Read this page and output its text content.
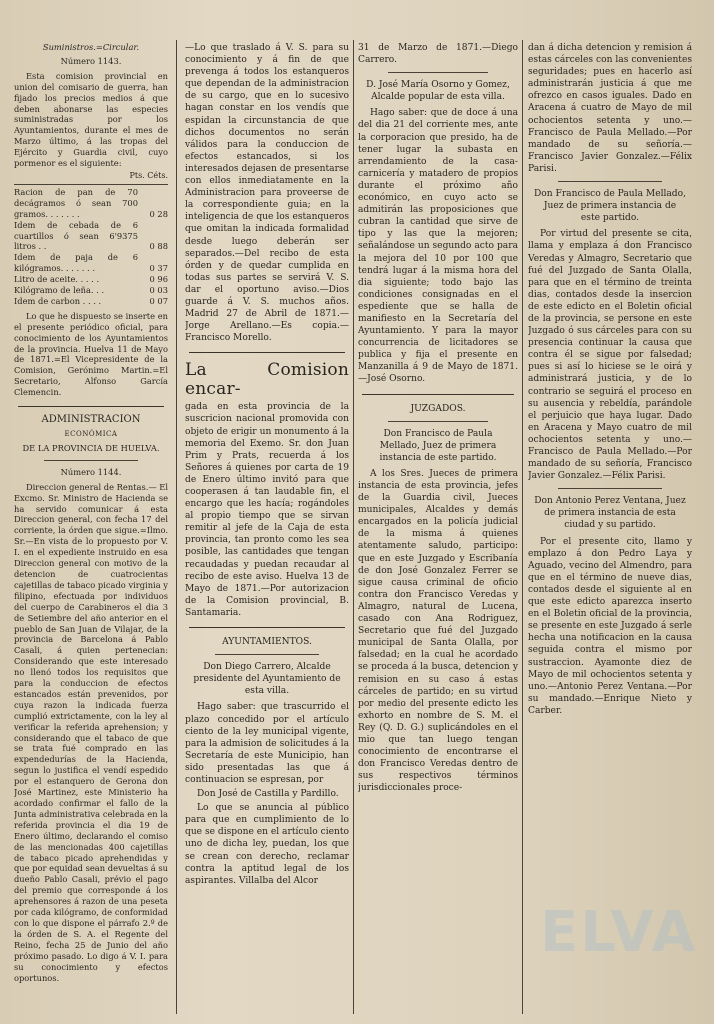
Suministros.=Circular.

Número 1143.

Esta comision provincial en union del comisario de guerra, han fijado los precios medios á que deben abonarse las especies suministradas por los Ayuntamientos, durante el mes de Marzo último, á las tropas del Ejército y Guardia civil, cuyo pormenor es el siguiente:

Pts. Céts.
Racion de pan de 70 decágramos ó sean 700 gramos. . . . . . .	0 28
Idem de cebada de 6 cuartillos ó sean 6'9375 litros . .	0 88
Idem de paja de 6 kilógramos. . . . . . .	0 37
Litro de aceite. . . . .	0 96
Kilógramo de leña. . .	0 03
Idem de carbon . . . .	0 07

Lo que he dispuesto se inserte en el presente periódico oficial, para conocimiento de los Ayuntamientos de la provincia. Huelva 11 de Mayo de 1871.=El Vicepresidente de la Comision, Gerónimo Martin.=El Secretario, Alfonso García Clemencin.

ADMINISTRACION

ECONÓMICA

DE LA PROVINCIA DE HUELVA.

Número 1144.

Direccion general de Rentas.— El Excmo. Sr. Ministro de Hacienda se ha servido comunicar á esta Direccion general, con fecha 17 del corriente, la órden que sigue.=Ilmo. Sr.—En vista de lo propuesto por V. I. en el expediente instruido en esa Direccion general con motivo de la detencion de cuatrocientas cajetillas de tabaco picado virginia y filipino, efectuada por individuos del cuerpo de Carabineros el dia 3 de Setiembre del año anterior en el pueblo de San Juan de Vilajar, de la provincia de Barcelona á Pablo Casali, á quien pertenecian: Considerando que este interesado no llenó todos los requisitos que para la conduccion de efectos estancados están prevenidos, por cuya razon la indicada fuerza cumplió extrictamente, con la ley al verificar la referida aprehension; y considerando que el tabaco de que se trata fué comprado en las expendedurías de la Hacienda, segun lo justifica el vendí espedido por el estanquero de Gerona don José Martinez, este Ministerio ha acordado confirmar el fallo de la Junta administrativa celebrada en la referida provincia el dia 19 de Enero último, declarando el comiso de las mencionadas 400 cajetillas de tabaco picado aprehendidas y que por equidad sean devueltas á su dueño Pablo Casali, prévio el pago del premio que corresponde á los aprehensores á razon de una peseta por cada kilógramo, de conformidad con lo que dispone el párrafo 2.º de la órden de S. A. el Regente del Reino, fecha 25 de Junio del año próximo pasado. Lo digo á V. I. para su conocimiento y efectos oportunos.

—Lo que traslado á V. S. para su conocimiento y á fin de que prevenga á todos los estanqueros que dependan de la administracion de su cargo, que en lo sucesivo hagan constar en los vendís que espidan la circunstancia de que dichos documentos no serán válidos para la conduccion de efectos estancados, si los interesados dejasen de presentarse con ellos inmediatamente en la Administracion para proveerse de la correspondiente guia; en la inteligencia de que los estanqueros que omitan la indicada formalidad desde luego deberán ser separados.—Del recibo de esta órden y de quedar cumplida en todas sus partes se servirá V. S. dar el oportuno aviso.—Dios guarde á V. S. muchos años. Madrid 27 de Abril de 1871.—Jorge Arellano.—Es copia.—Francisco Morello.

La Comision encar-

gada en esta provincia de la suscricion nacional promovida con objeto de erigir un monumento á la memoria del Exemo. Sr. don Juan Prim y Prats, recuerda á los Señores á quienes por carta de 19 de Enero último invitó para que cooperasen á tan laudable fin, el encargo que les hacía; rogándoles al propio tiempo que se sirvan remitir al jefe de la Caja de esta provincia, tan pronto como les sea posible, las cantidades que tengan recaudadas y puedan recaudar al recibo de este aviso. Huelva 13 de Mayo de 1871.—Por autorizacion de la Comision provincial, B. Santamaria.

AYUNTAMIENTOS.

Don Diego Carrero, Alcalde presidente del Ayuntamiento de esta villa.

Hago saber: que trascurrido el plazo concedido por el artículo ciento de la ley municipal vigente, para la admision de solicitudes á la Secretaría de este Municipio, han sido presentadas las que á continuacion se espresan, por

Don José de Castilla y Pardillo.

Lo que se anuncia al público para que en cumplimiento de lo que se dispone en el artículo ciento uno de dicha ley, puedan, los que se crean con derecho, reclamar contra la aptitud legal de los aspirantes. Villalba del Alcor

31 de Marzo de 1871.—Diego Carrero.

D. José María Osorno y Gomez, Alcalde popular de esta villa.

Hago saber: que de doce á una del dia 21 del corriente mes, ante la corporacion que presido, ha de tener lugar la subasta en arrendamiento de la casa-carnicería y matadero de propios durante el próximo año económico, en cuyo acto se admitirán las proposiciones que cubran la cantidad que sirve de tipo y las que la mejoren; señalándose un segundo acto para la mejora del 10 por 100 que tendrá lugar á la misma hora del dia siguiente; todo bajo las condiciones consignadas en el espediente que se halla de manifiesto en la Secretaría del Ayuntamiento. Y para la mayor concurrencia de licitadores se publica y fija el presente en Manzanilla á 9 de Mayo de 1871.—José Osorno.

JUZGADOS.

Don Francisco de Paula Mellado, Juez de primera instancia de este partido.

A los Sres. Jueces de primera instancia de esta provincia, jefes de la Guardia civil, Jueces municipales, Alcaldes y demás encargados en la policía judicial de la misma á quienes atentamente saludo, participo: que en este Juzgado y Escribanía de don José Gonzalez Ferrer se sigue causa criminal de oficio contra don Francisco Veredas y Almagro, natural de Lucena, casado con Ana Rodriguez, Secretario que fué del Juzgado municipal de Santa Olalla, por falsedad; en la cual he acordado se proceda á la busca, detencion y remision en su caso á estas cárceles de partido; en su virtud por medio del presente edicto les exhorto en nombre de S. M. el Rey (Q. D. G.) suplicándoles en el mio que tan luego tengan conocimiento de encontrarse el don Francisco Veredas dentro de sus respectivos términos jurisdiccionales proce-

dan á dicha detencion y remision á estas cárceles con las convenientes seguridades; pues en hacerlo así administrarán justicia á que me ofrezco en casos iguales. Dado en Aracena á cuatro de Mayo de mil ochocientos setenta y uno.—Francisco de Paula Mellado.—Por mandado de su señoría.—Francisco Javier Gonzalez.—Félix Parisi.

Don Francisco de Paula Mellado, Juez de primera instancia de este partido.

Por virtud del presente se cita, llama y emplaza á don Francisco Veredas y Almagro, Secretario que fué del Juzgado de Santa Olalla, para que en el término de treinta dias, contados desde la insercion de este edicto en el Boletin oficial de la provincia, se persone en este Juzgado ó sus cárceles para con su presencia continuar la causa que contra él se sigue por falsedad; pues si así lo hiciese se le oirá y administrará justicia, y de lo contrario se seguirá el proceso en su ausencia y rebeldía, parándole el perjuicio que haya lugar. Dado en Aracena y Mayo cuatro de mil ochocientos setenta y uno.—Francisco de Paula Mellado.—Por mandado de su señoría, Francisco Javier Gonzalez.—Félix Parisi.

Don Antonio Perez Ventana, Juez de primera instancia de esta ciudad y su partido.

Por el presente cito, llamo y emplazo á don Pedro Laya y Aguado, vecino del Almendro, para que en el término de nueve dias, contados desde el siguiente al en que este edicto aparezca inserto en el Boletin oficial de la provincia, se presente en este Juzgado á serle hecha una notificacion en la causa seguida contra el mismo por sustraccion. Ayamonte diez de Mayo de mil ochocientos setenta y uno.—Antonio Perez Ventana.—Por su mandado.—Enrique Nieto y Carber.

ELVA
